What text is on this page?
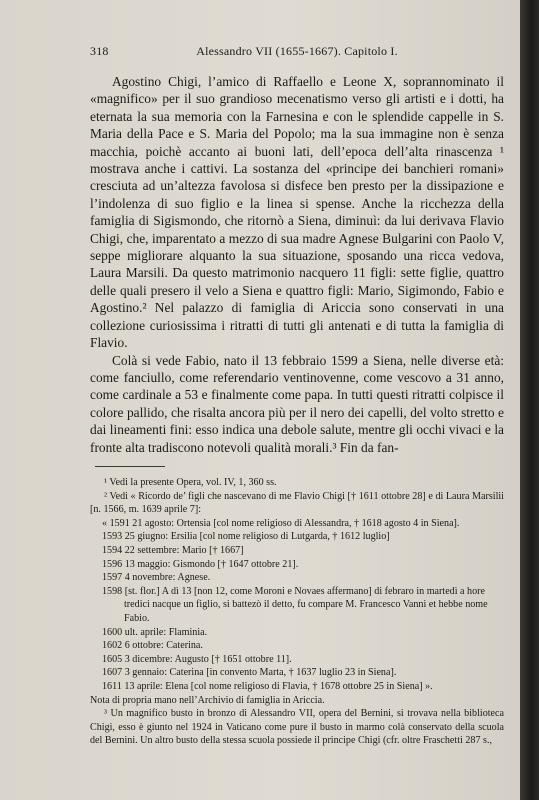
318	Alessandro VII (1655-1667). Capitolo I.

Agostino Chigi, l’amico di Raffaello e Leone X, soprannominato il «magnifico» per il suo grandioso mecenatismo verso gli artisti e i dotti, ha eternata la sua memoria con la Farnesina e con le splendide cappelle in S. Maria della Pace e S. Maria del Popolo; ma la sua immagine non è senza macchia, poichè accanto ai buoni lati, dell’epoca dell’alta rinascenza ¹ mostrava anche i cattivi. La sostanza del «principe dei banchieri romani» cresciuta ad un’altezza favolosa si disfece ben presto per la dissipazione e l’indolenza di suo figlio e la linea si spense. Anche la ricchezza della famiglia di Sigismondo, che ritornò a Siena, diminuì: da lui derivava Flavio Chigi, che, imparentato a mezzo di sua madre Agnese Bulgarini con Paolo V, seppe migliorare alquanto la sua situazione, sposando una ricca vedova, Laura Marsili. Da questo matrimonio nacquero 11 figli: sette figlie, quattro delle quali presero il velo a Siena e quattro figli: Mario, Sigimondo, Fabio e Agostino.² Nel palazzo di famiglia di Ariccia sono conservati in una collezione curiosissima i ritratti di tutti gli antenati e di tutta la famiglia di Flavio.

Colà si vede Fabio, nato il 13 febbraio 1599 a Siena, nelle diverse età: come fanciullo, come referendario ventinovenne, come vescovo a 31 anno, come cardinale a 53 e finalmente come papa. In tutti questi ritratti colpisce il colore pallido, che risalta ancora più per il nero dei capelli, del volto stretto e dai lineamenti fini: esso indica una debole salute, mentre gli occhi vivaci e la fronte alta tradiscono notevoli qualità morali.³ Fin da fan-

¹ Vedi la presente Opera, vol. IV, 1, 360 ss.

² Vedi « Ricordo de’ figli che nascevano di me Flavio Chigi [† 1611 ottobre 28] e di Laura Marsilii [n. 1566, m. 1639 aprile 7]:

« 1591 21 agosto: Ortensia [col nome religioso di Alessandra, † 1618 agosto 4 in Siena].
1593 25 giugno: Ersilia [col nome religioso di Lutgarda, † 1612 luglio]
1594 22 settembre: Mario [† 1667]
1596 13 maggio: Gismondo [† 1647 ottobre 21].
1597 4 novembre: Agnese.
1598 [st. flor.] A dì 13 [non 12, come Moroni e Novaes affermano] di febraro in martedì a hore tredici nacque un figlio, si battezò il detto, fu compare M. Francesco Vanni et hebbe nome Fabio.
1600 ult. aprile: Flaminia.
1602 6 ottobre: Caterina.
1605 3 dicembre: Augusto [† 1651 ottobre 11].
1607 3 gennaio: Caterina [in convento Marta, † 1637 luglio 23 in Siena].
1611 13 aprile: Elena [col nome religioso di Flavia, † 1678 ottobre 25 in Siena] ».

Nota di propria mano nell’Archivio di famiglia in Ariccia.

³ Un magnifico busto in bronzo di Alessandro VII, opera del Bernini, si trovava nella biblioteca Chigi, esso è giunto nel 1924 in Vaticano come pure il busto in marmo colà conservato della scuola del Bernini. Un altro busto della stessa scuola possiede il principe Chigi (cfr. oltre Fraschetti 287 s.,
